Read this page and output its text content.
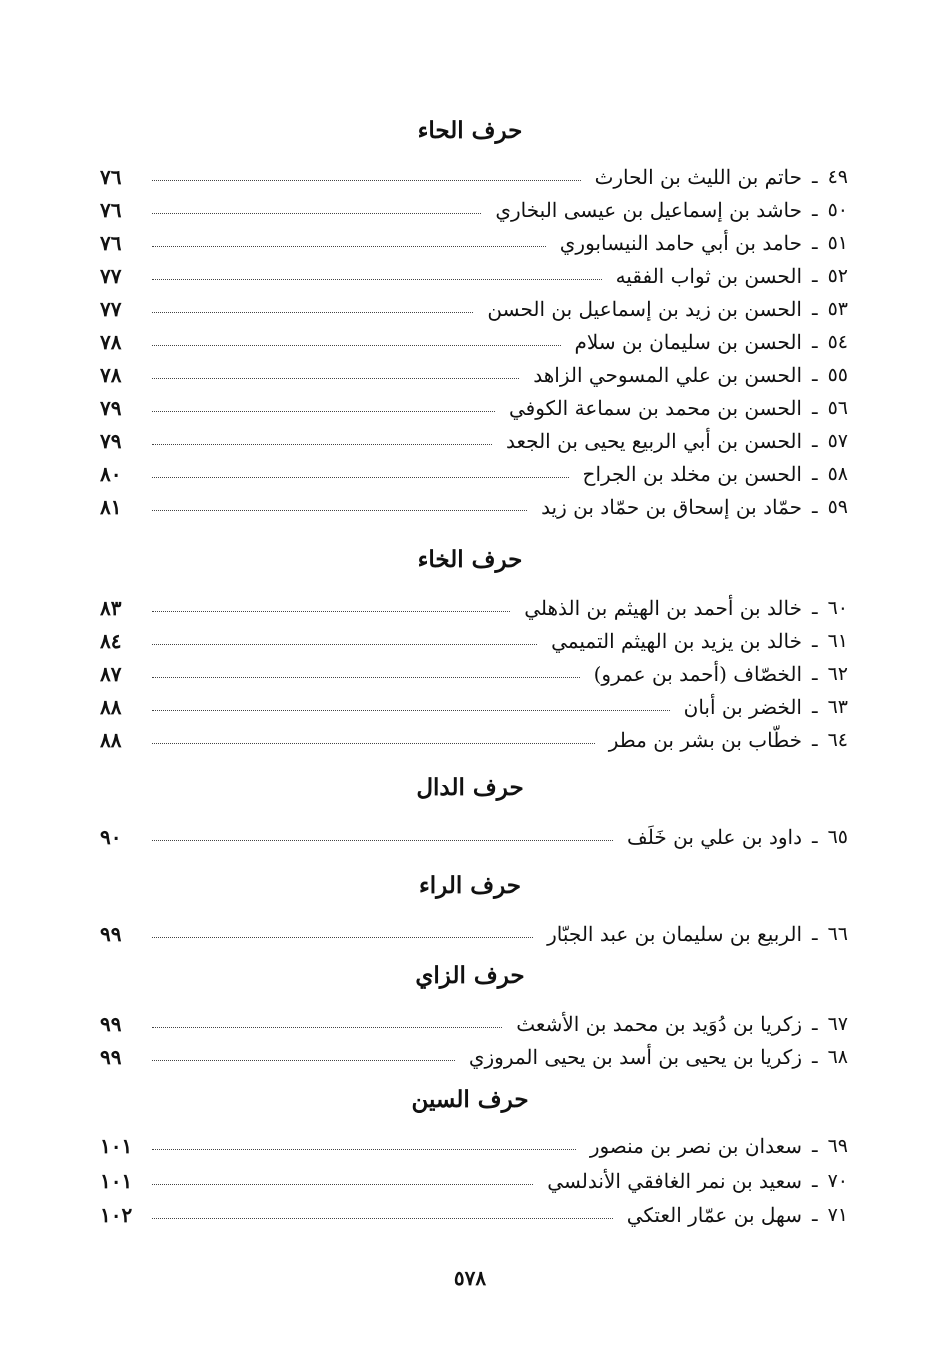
حرف الحاء
٤٩
ـ
حاتم بن الليث بن الحارث
٧٦
٥٠
ـ
حاشد بن إسماعيل بن عيسى البخاري
٧٦
٥١
ـ
حامد بن أبي حامد النيسابوري
٧٦
٥٢
ـ
الحسن بن ثواب الفقيه
٧٧
٥٣
ـ
الحسن بن زيد بن إسماعيل بن الحسن
٧٧
٥٤
ـ
الحسن بن سليمان بن سلام
٧٨
٥٥
ـ
الحسن بن علي المسوحي الزاهد
٧٨
٥٦
ـ
الحسن بن محمد بن سماعة الكوفي
٧٩
٥٧
ـ
الحسن بن أبي الربيع يحيى بن الجعد
٧٩
٥٨
ـ
الحسن بن مخلد بن الجراح
٨٠
٥٩
ـ
حمّاد بن إسحاق بن حمّاد بن زيد
٨١
حرف الخاء
٦٠
ـ
خالد بن أحمد بن الهيثم بن الذهلي
٨٣
٦١
ـ
خالد بن يزيد بن الهيثم التميمي
٨٤
٦٢
ـ
الخصّاف (أحمد بن عمرو)
٨٧
٦٣
ـ
الخضر بن أبان
٨٨
٦٤
ـ
خطّاب بن بشر بن مطر
٨٨
حرف الدال
٦٥
ـ
داود بن علي بن خَلَف
٩٠
حرف الراء
٦٦
ـ
الربيع بن سليمان بن عبد الجبّار
٩٩
حرف الزاي
٦٧
ـ
زكريا بن دُوَيد بن محمد بن الأشعث
٩٩
٦٨
ـ
زكريا بن يحيى بن أسد بن يحيى المروزي
٩٩
حرف السين
٦٩
ـ
سعدان بن نصر بن منصور
١٠١
٧٠
ـ
سعيد بن نمر الغافقي الأندلسي
١٠١
٧١
ـ
سهل بن عمّار العتكي
١٠٢
٥٧٨
